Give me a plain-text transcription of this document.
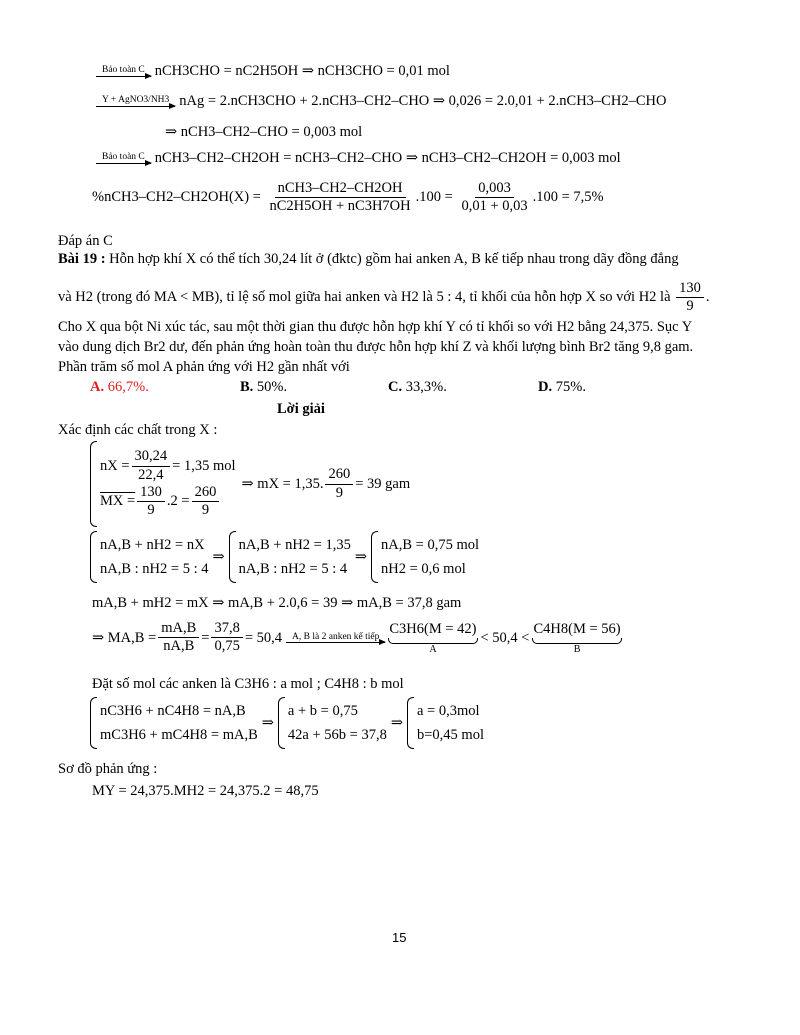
Bảo toàn C nCH3CHO = nC2H5OH ⇒ nCH3CHO = 0,01 mol
Y + AgNO3/NH3 nAg = 2.nCH3CHO + 2.nCH3–CH2–CHO ⇒ 0,026 = 2.0,01 + 2.nCH3–CH2–CHO
⇒ nCH3–CH2–CHO = 0,003 mol
Bảo toàn C nCH3–CH2–CH2OH = nCH3–CH2–CHO ⇒ nCH3–CH2–CH2OH = 0,003 mol
$\%nCH3-CH2-CH2OH(X) = \frac{\text{nCH3–CH2–CH2OH}}{nC2H5OH + nC3H7OH} .100 = \frac{0,003}{0,01 + 0,03} .100 = 7,5\%$
Đáp án C
Bài 19 : Hỗn hợp khí X có thể tích 30,24 lít ở (đktc) gồm hai anken A, B kế tiếp nhau trong dãy đồng đẳng
và H2 (trong đó MA < MB), tỉ lệ số mol giữa hai anken và H2 là 5 : 4, tỉ khối của hỗn hợp X so với H2 là $\frac{130}{9}$ .
Cho X qua bột Ni xúc tác, sau một thời gian thu được hỗn hợp khí Y có tỉ khối so với H2 bằng 24,375. Sục Y
vào dung dịch Br2 dư, đến phản ứng hoàn toàn thu được hỗn hợp khí Z và khối lượng bình Br2 tăng 9,8 gam.
Phần trăm số mol A phản ứng với H2 gần nhất với
A. 66,7%.	B. 50%.	C. 33,3%.	D. 75%.
Lời giải
Xác định các chất trong X :
nX = $\frac{30,24}{22,4} = 1,35$ mol
MX = $\frac{130}{9} .2 = \frac{260}{9}$
⇒ mX = 1,35. $\frac{260}{9} = 39$ gam
nA,B + nH2 = nX
nA,B : nH2 = 5 : 4
⇒
nA,B + nH2 = 1,35
nA,B : nH2 = 5 : 4
⇒
nA,B = 0,75 mol
nH2 = 0,6 mol
mA,B + mH2 = mX ⇒ mA,B + 2.0,6 = 39 ⇒ mA,B = 37,8 gam
⇒ $MA,B = \frac{mA,B}{nA,B} = \frac{37,8}{0,75} = 50,4$	A, B là 2 anken kế tiếp C3H6(M = 42)
A
< 50,4 <
C4H8(M = 56)
B
Đặt số mol các anken là C3H6 : a mol ; C4H8 : b mol
nC3H6 + nC4H8 = nA,B
mC3H6 + mC4H8 = mA,B
⇒
a + b = 0,75
42a + 56b = 37,8
⇒
a = 0,3mol
b=0,45 mol
Sơ đồ phản ứng :
MY = 24,375.MH2 = 24,375.2 = 48,75
15
